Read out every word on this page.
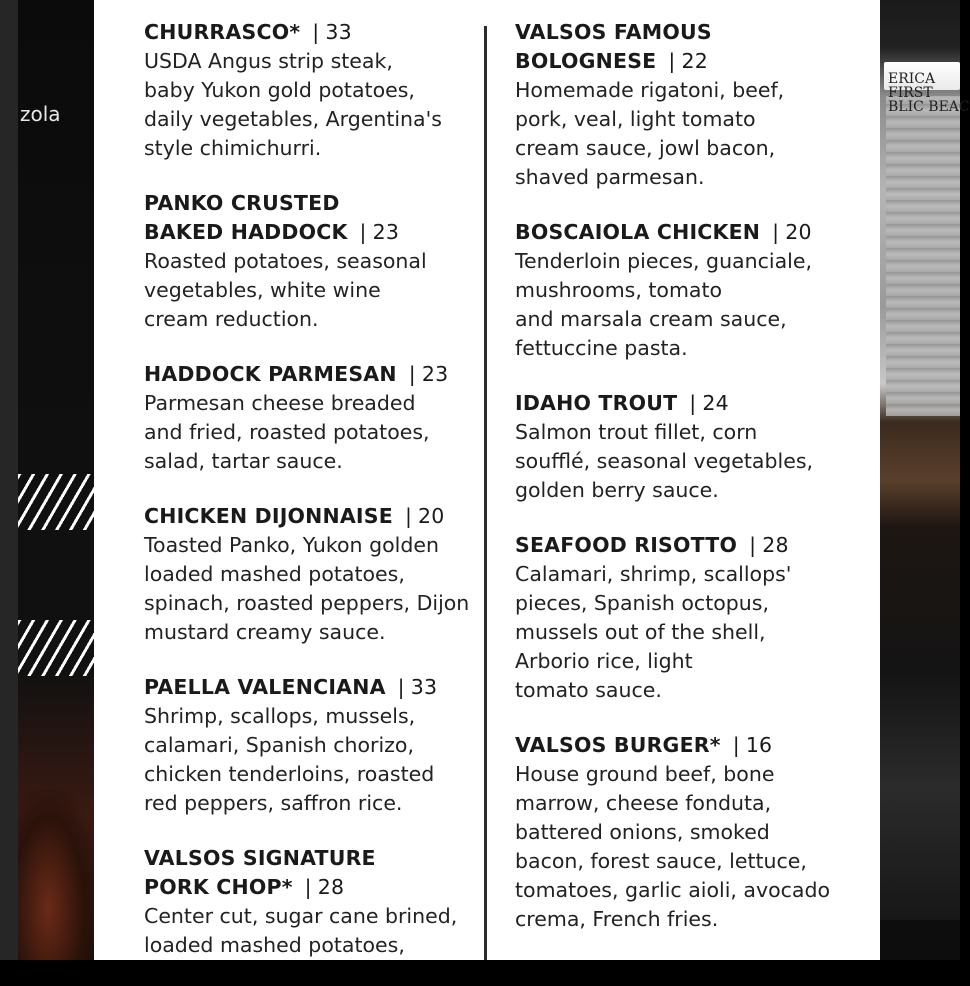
zola
ERICA
FIRST
BLIC BEAC
CHURRASCO* | 33
USDA Angus strip steak,
baby Yukon gold potatoes,
daily vegetables, Argentina's
style chimichurri.
PANKO CRUSTED
BAKED HADDOCK | 23
Roasted potatoes, seasonal
vegetables, white wine
cream reduction.
HADDOCK PARMESAN | 23
Parmesan cheese breaded
and fried, roasted potatoes,
salad, tartar sauce.
CHICKEN DIJONNAISE | 20
Toasted Panko, Yukon golden
loaded mashed potatoes,
spinach, roasted peppers, Dijon
mustard creamy sauce.
PAELLA VALENCIANA | 33
Shrimp, scallops, mussels,
calamari, Spanish chorizo,
chicken tenderloins, roasted
red peppers, saffron rice.
VALSOS SIGNATURE
PORK CHOP* | 28
Center cut, sugar cane brined,
loaded mashed potatoes,
VALSOS FAMOUS
BOLOGNESE | 22
Homemade rigatoni, beef,
pork, veal, light tomato
cream sauce, jowl bacon,
shaved parmesan.
BOSCAIOLA CHICKEN | 20
Tenderloin pieces, guanciale,
mushrooms, tomato
and marsala cream sauce,
fettuccine pasta.
IDAHO TROUT | 24
Salmon trout fillet, corn
soufflé, seasonal vegetables,
golden berry sauce.
SEAFOOD RISOTTO | 28
Calamari, shrimp, scallops'
pieces, Spanish octopus,
mussels out of the shell,
Arborio rice, light
tomato sauce.
VALSOS BURGER* | 16
House ground beef, bone
marrow, cheese fonduta,
battered onions, smoked
bacon, forest sauce, lettuce,
tomatoes, garlic aioli, avocado
crema, French fries.
